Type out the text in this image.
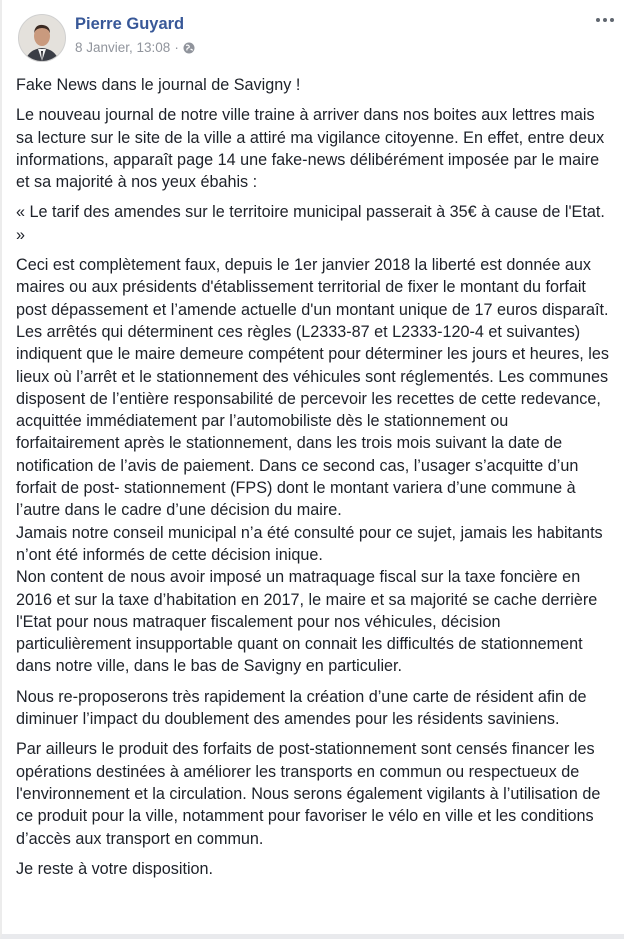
Pierre Guyard
8 Janvier, 13:08 ·

Fake News dans le journal de Savigny !

Le nouveau journal de notre ville traine à arriver dans nos boites aux lettres mais sa lecture sur le site de la ville a attiré ma vigilance citoyenne. En effet, entre deux informations, apparaît page 14 une fake-news délibérément imposée par le maire et sa majorité à nos yeux ébahis :

« Le tarif des amendes sur le territoire municipal passerait à 35€ à cause de l'Etat. »

Ceci est complètement faux, depuis le 1er janvier 2018 la liberté est donnée aux maires ou aux présidents d'établissement territorial de fixer le montant du forfait post dépassement et l’amende actuelle d'un montant unique de 17 euros disparaît.
Les arrêtés qui déterminent ces règles (L2333-87 et L2333-120-4 et suivantes) indiquent que le maire demeure compétent pour déterminer les jours et heures, les lieux où l’arrêt et le stationnement des véhicules sont réglementés. Les communes disposent de l’entière responsabilité de percevoir les recettes de cette redevance, acquittée immédiatement par l’automobiliste dès le stationnement ou forfaitairement après le stationnement, dans les trois mois suivant la date de notification de l’avis de paiement. Dans ce second cas, l’usager s’acquitte d’un forfait de post- stationnement (FPS) dont le montant variera d’une commune à l’autre dans le cadre d’une décision du maire.
Jamais notre conseil municipal n’a été consulté pour ce sujet, jamais les habitants n’ont été informés de cette décision inique.
Non content de nous avoir imposé un matraquage fiscal sur la taxe foncière en 2016 et sur la taxe d’habitation en 2017, le maire et sa majorité se cache derrière l'Etat pour nous matraquer fiscalement pour nos véhicules, décision particulièrement insupportable quant on connait les difficultés de stationnement dans notre ville, dans le bas de Savigny en particulier.

Nous re-proposerons très rapidement la création d’une carte de résident afin de diminuer l’impact du doublement des amendes pour les résidents saviniens.

Par ailleurs le produit des forfaits de post-stationnement sont censés financer les opérations destinées à améliorer les transports en commun ou respectueux de l'environnement et la circulation. Nous serons également vigilants à l’utilisation de ce produit pour la ville, notamment pour favoriser le vélo en ville et les conditions d’accès aux transport en commun.

Je reste à votre disposition.
